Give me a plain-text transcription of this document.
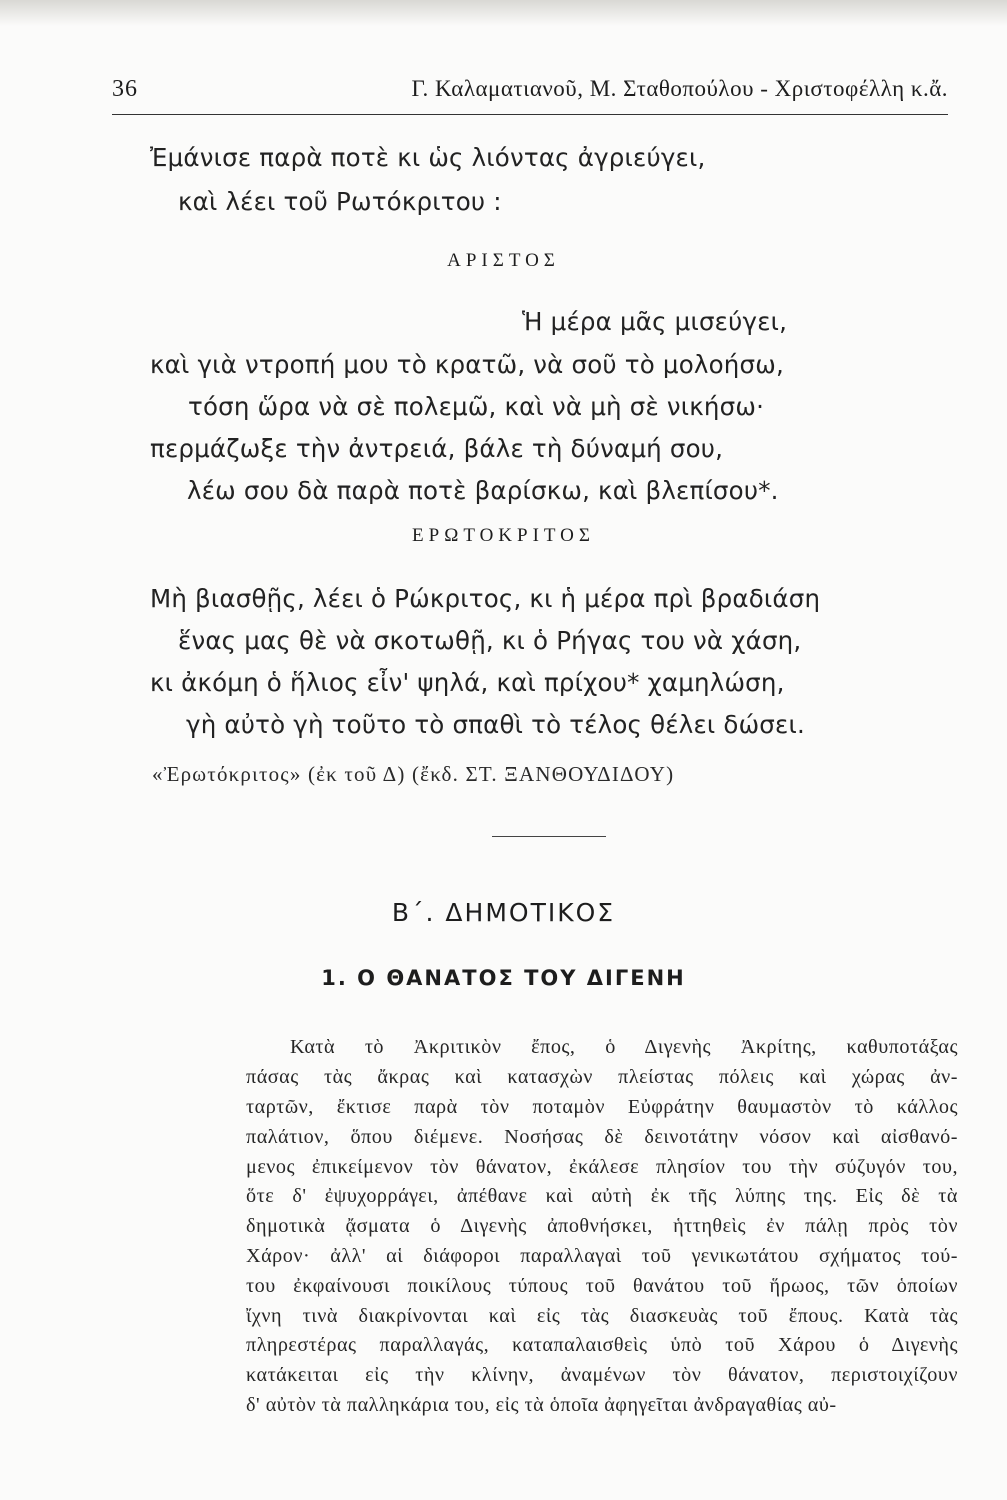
36	Γ. Καλαματιανοῦ, Μ. Σταθοπούλου - Χριστοφέλλη κ.ἄ.
Ἐμάνισε παρὰ ποτὲ κι ὡς λιόντας ἀγριεύγει,
καὶ λέει τοῦ Ρωτόκριτου :
ΑΡΙΣΤΟΣ
Ἡ μέρα μᾶς μισεύγει,
καὶ γιὰ ντροπή μου τὸ κρατῶ, νὰ σοῦ τὸ μολοήσω,
τόση ὥρα νὰ σὲ πολεμῶ, καὶ νὰ μὴ σὲ νικήσω·
περμάζωξε τὴν ἀντρειά, βάλε τὴ δύναμή σου,
λέω σου δὰ παρὰ ποτὲ βαρίσκω, καὶ βλεπίσου*.
ΕΡΩΤΟΚΡΙΤΟΣ
Μὴ βιασθῇς, λέει ὁ Ρώκριτος, κι ἡ μέρα πρὶ βραδιάση
ἕνας μας θὲ νὰ σκοτωθῇ, κι ὁ Ρήγας του νὰ χάση,
κι ἀκόμη ὁ ἥλιος εἶν' ψηλά, καὶ πρίχου* χαμηλώση,
γὴ αὐτὸ γὴ τοῦτο τὸ σπαθὶ τὸ τέλος θέλει δώσει.
«Ἐρωτόκριτος» (ἐκ τοῦ Δ) (ἔκδ. ΣΤ. ΞΑΝΘΟΥΔΙΔΟΥ)
Β΄. ΔΗΜΟΤΙΚΟΣ
1. Ο ΘΑΝΑΤΟΣ ΤΟΥ ΔΙΓΕΝΗ
Κατὰ τὸ Ἀκριτικὸν ἔπος, ὁ Διγενὴς Ἀκρίτης, καθυποτάξας
πάσας τὰς ἄκρας καὶ κατασχὼν πλείστας πόλεις καὶ χώρας ἀν-
ταρτῶν, ἔκτισε παρὰ τὸν ποταμὸν Εὐφράτην θαυμαστὸν τὸ κάλλος
παλάτιον, ὅπου διέμενε. Νοσήσας δὲ δεινοτάτην νόσον καὶ αἰσθανό-
μενος ἐπικείμενον τὸν θάνατον, ἐκάλεσε πλησίον του τὴν σύζυγόν του,
ὅτε δ' ἐψυχορράγει, ἀπέθανε καὶ αὐτὴ ἐκ τῆς λύπης της. Εἰς δὲ τὰ
δημοτικὰ ᾄσματα ὁ Διγενὴς ἀποθνήσκει, ἡττηθεὶς ἐν πάλῃ πρὸς τὸν
Χάρον· ἀλλ' αἱ διάφοροι παραλλαγαὶ τοῦ γενικωτάτου σχήματος τού-
του ἐκφαίνουσι ποικίλους τύπους τοῦ θανάτου τοῦ ἥρωος, τῶν ὁποίων
ἴχνη τινὰ διακρίνονται καὶ εἰς τὰς διασκευὰς τοῦ ἔπους. Κατὰ τὰς
πληρεστέρας παραλλαγάς, καταπαλαισθεὶς ὑπὸ τοῦ Χάρου ὁ Διγενὴς
κατάκειται εἰς τὴν κλίνην, ἀναμένων τὸν θάνατον, περιστοιχίζουν
δ' αὐτὸν τὰ παλληκάρια του, εἰς τὰ ὁποῖα ἀφηγεῖται ἀνδραγαθίας αὐ-
